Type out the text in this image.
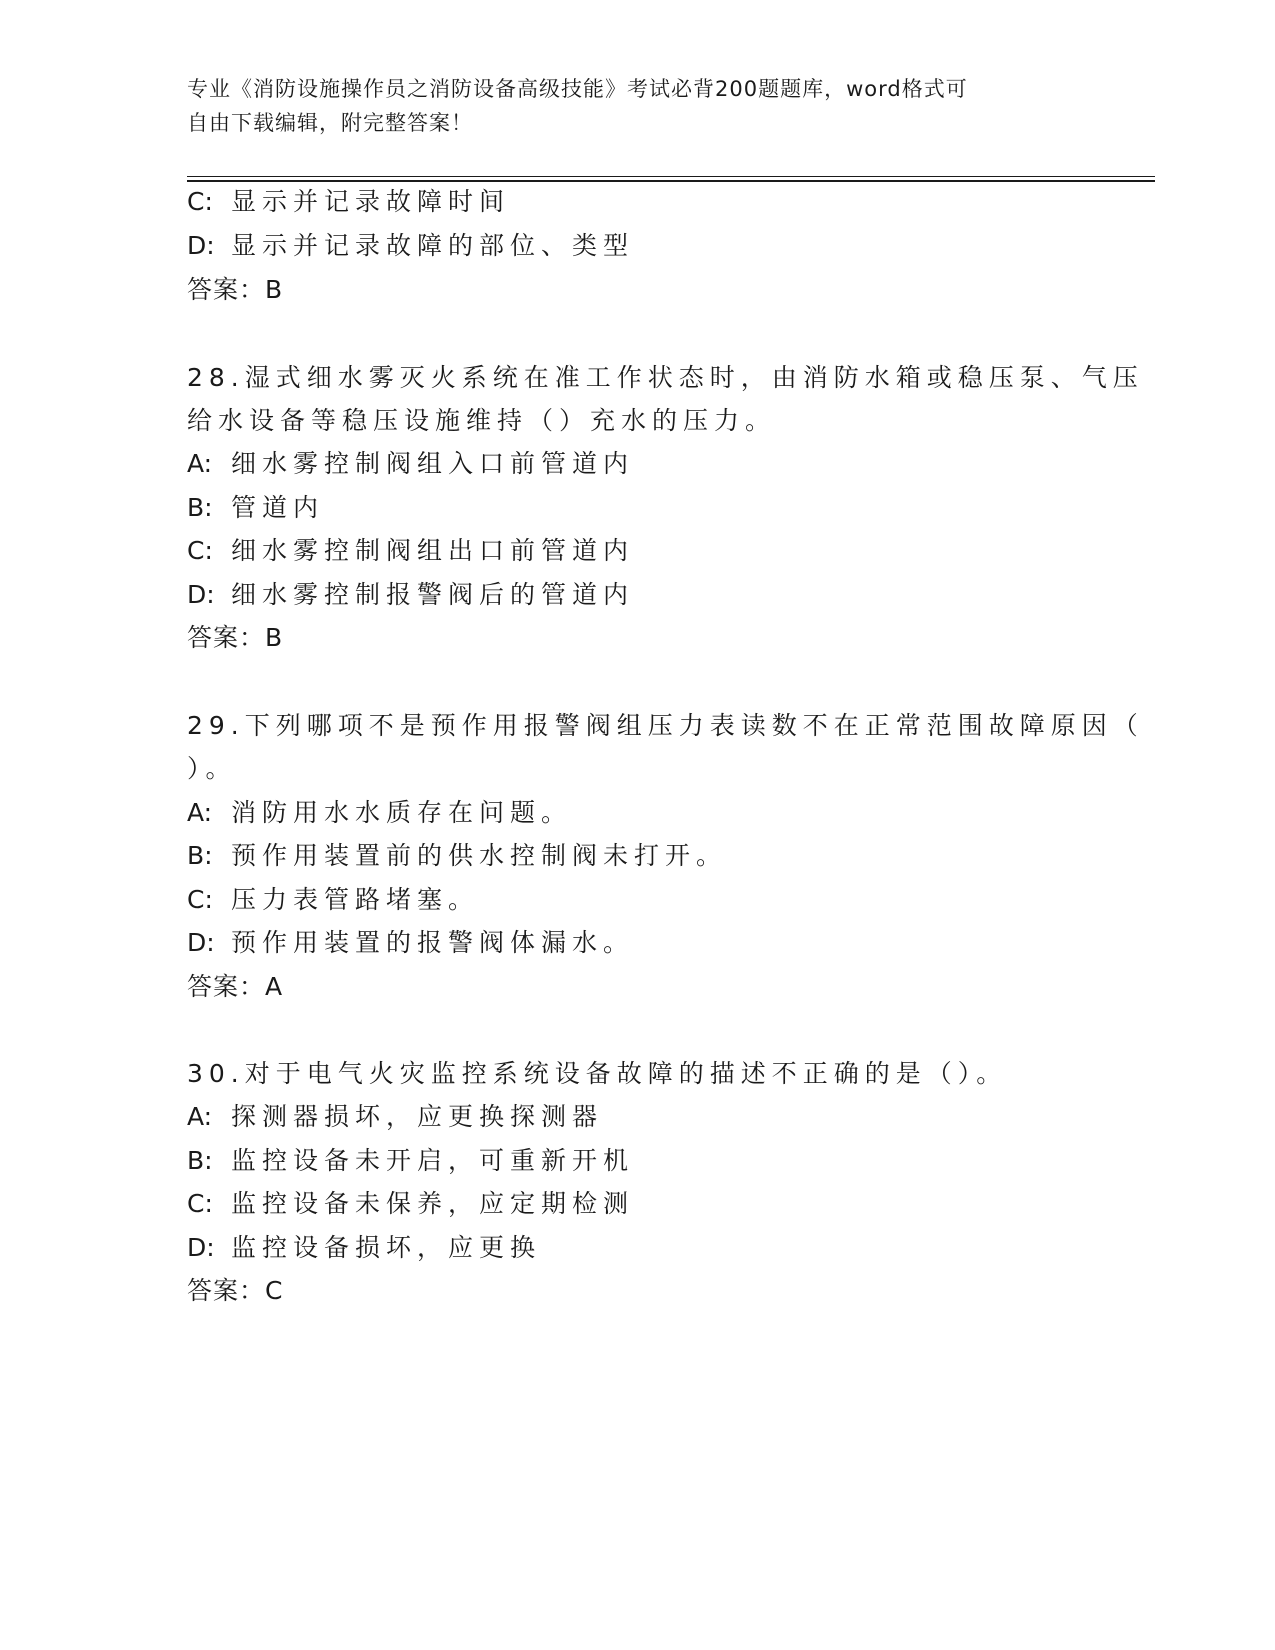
专业《消防设施操作员之消防设备高级技能》考试必背200题题库，word格式可
自由下载编辑，附完整答案！
C: 显示并记录故障时间
D: 显示并记录故障的部位、类型
答案：B
28.湿式细水雾灭火系统在准工作状态时，由消防水箱或稳压泵、气压
给水设备等稳压设施维持（）充水的压力。
A: 细水雾控制阀组入口前管道内
B: 管道内
C: 细水雾控制阀组出口前管道内
D: 细水雾控制报警阀后的管道内
答案：B
29.下列哪项不是预作用报警阀组压力表读数不在正常范围故障原因（
）。
A: 消防用水水质存在问题。
B: 预作用装置前的供水控制阀未打开。
C: 压力表管路堵塞。
D: 预作用装置的报警阀体漏水。
答案：A
30.对于电气火灾监控系统设备故障的描述不正确的是（）。
A: 探测器损坏，应更换探测器
B: 监控设备未开启，可重新开机
C: 监控设备未保养，应定期检测
D: 监控设备损坏，应更换
答案：C
